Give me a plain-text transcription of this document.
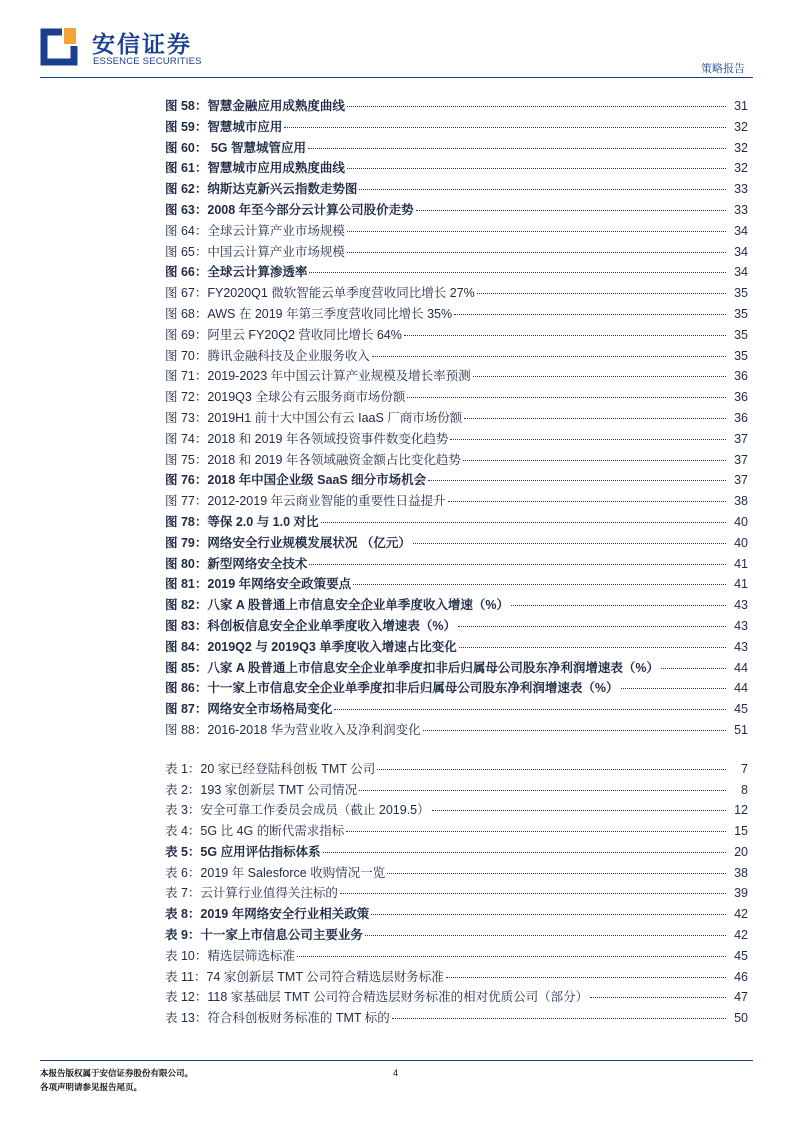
安信证券
ESSENCE SECURITIES
策略报告
图 58：智慧金融应用成熟度曲线	31
图 59：智慧城市应用	32
图 60： 5G 智慧城管应用	32
图 61：智慧城市应用成熟度曲线	32
图 62：纳斯达克新兴云指数走势图	33
图 63：2008 年至今部分云计算公司股价走势	33
图 64：全球云计算产业市场规模	34
图 65：中国云计算产业市场规模	34
图 66：全球云计算渗透率	34
图 67：FY2020Q1 微软智能云单季度营收同比增长 27%	35
图 68：AWS 在 2019 年第三季度营收同比增长 35%	35
图 69：阿里云 FY20Q2 营收同比增长 64%	35
图 70：腾讯金融科技及企业服务收入	35
图 71：2019-2023 年中国云计算产业规模及增长率预测	36
图 72：2019Q3 全球公有云服务商市场份额	36
图 73：2019H1 前十大中国公有云 IaaS 厂商市场份额	36
图 74：2018 和 2019 年各领域投资事件数变化趋势	37
图 75：2018 和 2019 年各领域融资金额占比变化趋势	37
图 76：2018 年中国企业级 SaaS 细分市场机会	37
图 77：2012-2019 年云商业智能的重要性日益提升	38
图 78：等保 2.0 与 1.0 对比	40
图 79：网络安全行业规模发展状况 （亿元）	40
图 80：新型网络安全技术	41
图 81：2019 年网络安全政策要点	41
图 82：八家 A 股普通上市信息安全企业单季度收入增速（%）	43
图 83：科创板信息安全企业单季度收入增速表（%）	43
图 84：2019Q2 与 2019Q3 单季度收入增速占比变化	43
图 85：八家 A 股普通上市信息安全企业单季度扣非后归属母公司股东净利润增速表（%）	44
图 86：十一家上市信息安全企业单季度扣非后归属母公司股东净利润增速表（%）	44
图 87：网络安全市场格局变化	45
图 88：2016-2018 华为营业收入及净利润变化	51
表 1：20 家已经登陆科创板 TMT 公司	7
表 2：193 家创新层 TMT 公司情况	8
表 3：安全可靠工作委员会成员（截止 2019.5）	12
表 4：5G 比 4G 的断代需求指标	15
表 5：5G 应用评估指标体系	20
表 6：2019 年 Salesforce 收购情况一览	38
表 7：云计算行业值得关注标的	39
表 8：2019 年网络安全行业相关政策	42
表 9：十一家上市信息公司主要业务	42
表 10：精选层筛选标准	45
表 11：74 家创新层 TMT 公司符合精选层财务标准	46
表 12：118 家基础层 TMT 公司符合精选层财务标准的相对优质公司（部分）	47
表 13：符合科创板财务标准的 TMT 标的	50
本报告版权属于安信证券股份有限公司。
各项声明请参见报告尾页。
4
